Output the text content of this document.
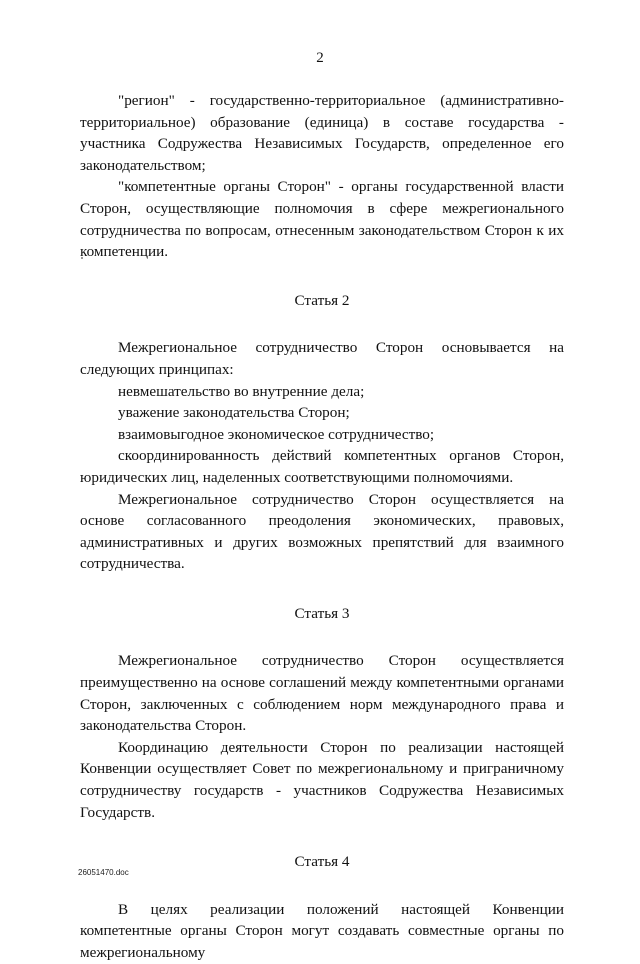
2

"регион" - государственно-территориальное (административно-территориальное) образование (единица) в составе государства - участника Содружества Независимых Государств, определенное его законодательством;

"компетентные органы Сторон" - органы государственной власти Сторон, осуществляющие полномочия в сфере межрегионального сотрудничества по вопросам, отнесенным законодательством Сторон к их компетенции.

Статья 2

Межрегиональное сотрудничество Сторон основывается на следующих принципах:

невмешательство во внутренние дела;

уважение законодательства Сторон;

взаимовыгодное экономическое сотрудничество;

скоординированность действий компетентных органов Сторон, юридических лиц, наделенных соответствующими полномочиями.

Межрегиональное сотрудничество Сторон осуществляется на основе согласованного преодоления экономических, правовых, административных и других возможных препятствий для взаимного сотрудничества.

Статья 3

Межрегиональное сотрудничество Сторон осуществляется преимущественно на основе соглашений между компетентными органами Сторон, заключенных с соблюдением норм международного права и законодательства Сторон.

Координацию деятельности Сторон по реализации настоящей Конвенции осуществляет Совет по межрегиональному и приграничному сотрудничеству государств - участников Содружества Независимых Государств.

Статья 4

В целях реализации положений настоящей Конвенции компетентные органы Сторон могут создавать совместные органы по межрегиональному

26051470.doc
